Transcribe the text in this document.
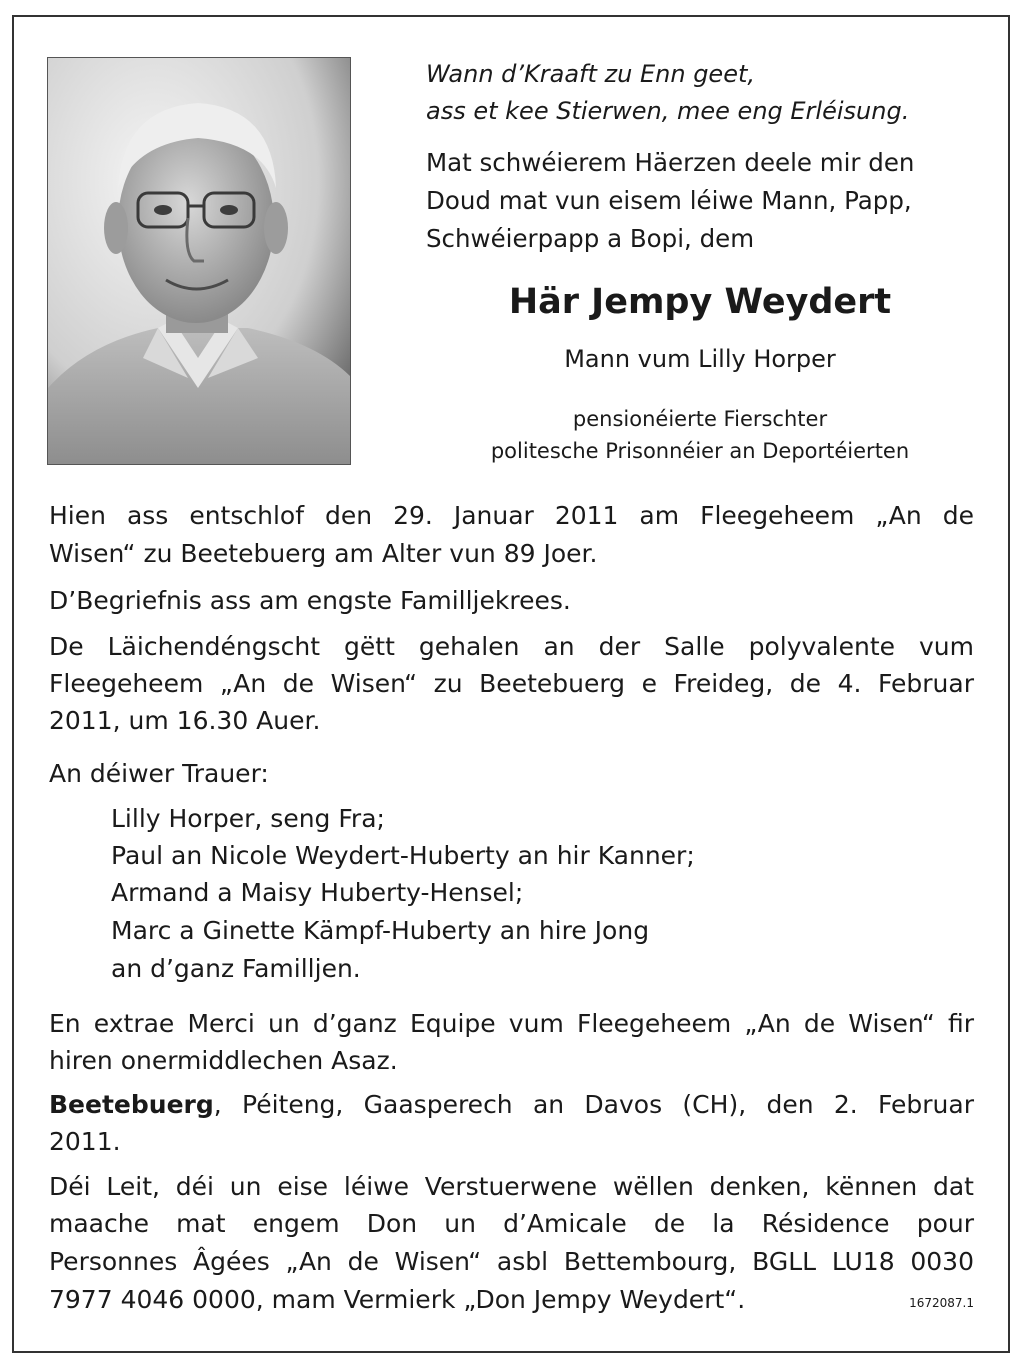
Wann d’Kraaft zu Enn geet,
ass et kee Stierwen, mee eng Erléisung.
Mat schwéierem Häerzen deele mir den
Doud mat vun eisem léiwe Mann, Papp,
Schwéierpapp a Bopi, dem
Här Jempy Weydert
Mann vum Lilly Horper
pensionéierte Fierschter
politesche Prisonnéier an Deportéierten
Hien ass entschlof den 29. Januar 2011 am Fleegeheem „An de
Wisen“ zu Beetebuerg am Alter vun 89 Joer.
D’Begriefnis ass am engste Familljekrees.
De Läichendéngscht gëtt gehalen an der Salle polyvalente vum
Fleegeheem „An de Wisen“ zu Beetebuerg e Freideg, de 4. Februar
2011, um 16.30 Auer.
An déiwer Trauer:
Lilly Horper, seng Fra;
Paul an Nicole Weydert-Huberty an hir Kanner;
Armand a Maisy Huberty-Hensel;
Marc a Ginette Kämpf-Huberty an hire Jong
an d’ganz Familljen.
En extrae Merci un d’ganz Equipe vum Fleegeheem „An de Wisen“ fir
hiren onermiddlechen Asaz.
Beetebuerg, Péiteng, Gaasperech an Davos (CH), den 2. Februar
2011.
Déi Leit, déi un eise léiwe Verstuerwene wëllen denken, kënnen dat
maache mat engem Don un d’Amicale de la Résidence pour
Personnes Âgées „An de Wisen“ asbl Bettembourg, BGLL LU18 0030
7977 4046 0000, mam Vermierk „Don Jempy Weydert“.	1672087.1
